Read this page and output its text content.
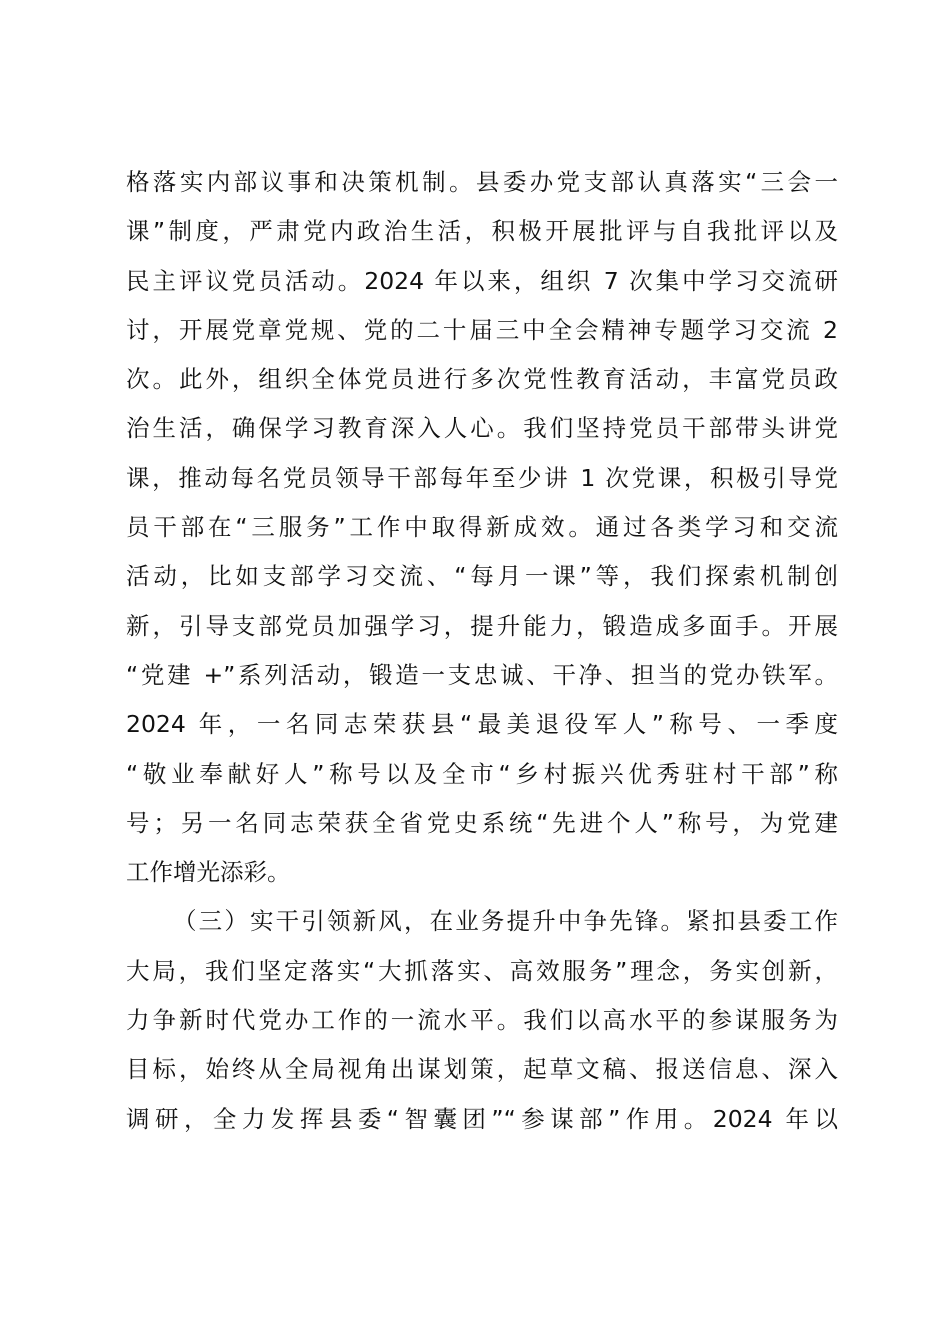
格落实内部议事和决策机制。县委办党支部认真落实“三会一
课”制度，严肃党内政治生活，积极开展批评与自我批评以及
民主评议党员活动。2024 年以来，组织 7 次集中学习交流研
讨，开展党章党规、党的二十届三中全会精神专题学习交流 2
次。此外，组织全体党员进行多次党性教育活动，丰富党员政
治生活，确保学习教育深入人心。我们坚持党员干部带头讲党
课，推动每名党员领导干部每年至少讲 1 次党课，积极引导党
员干部在“三服务”工作中取得新成效。通过各类学习和交流
活动，比如支部学习交流、“每月一课”等，我们探索机制创
新，引导支部党员加强学习，提升能力，锻造成多面手。开展
“党建 +”系列活动，锻造一支忠诚、干净、担当的党办铁军。
2024 年，一名同志荣获县“最美退役军人”称号、一季度
“敬业奉献好人”称号以及全市“乡村振兴优秀驻村干部”称
号；另一名同志荣获全省党史系统“先进个人”称号，为党建
工作增光添彩。
（三）实干引领新风，在业务提升中争先锋。紧扣县委工作
大局，我们坚定落实“大抓落实、高效服务”理念，务实创新，
力争新时代党办工作的一流水平。我们以高水平的参谋服务为
目标，始终从全局视角出谋划策，起草文稿、报送信息、深入
调研，全力发挥县委“智囊团”“参谋部”作用。2024 年以
